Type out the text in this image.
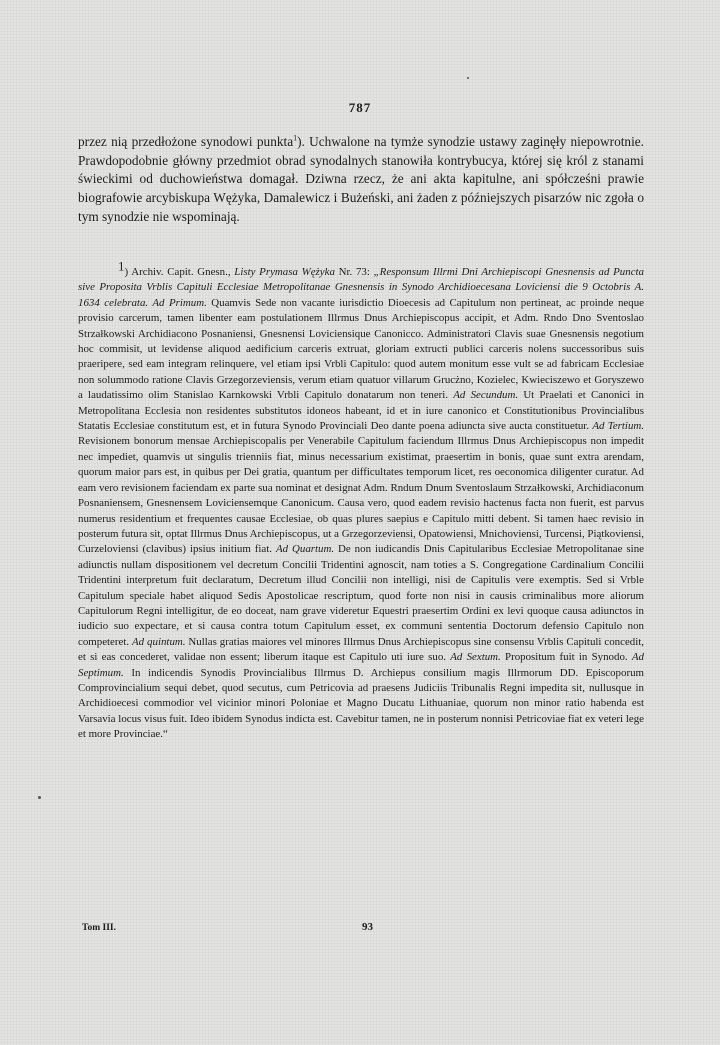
787

przez nią przedłożone synodowi punkta$^1$). Uchwalone na tymże synodzie ustawy zaginęły niepowrotnie. Prawdopodobnie główny przedmiot obrad synodalnych stanowiła kontrybucya, której się król z stanami świeckimi od duchowieństwa domagał. Dziwna rzecz, że ani akta kapitulne, ani spółcześni prawie biografowie arcybiskupa Wężyka, Damalewicz i Bużeński, ani żaden z późniejszych pisarzów nic zgoła o tym synodzie nie wspominają.

1) Archiv. Capit. Gnesn., Listy Prymasa Wężyka Nr. 73: „Responsum Illrmi Dni Archiepiscopi Gnesnensis ad Puncta sive Proposita Vrblis Capituli Ecclesiae Metropolitanae Gnesnensis in Synodo Archidioecesana Loviciensi die 9 Octobris A. 1634 celebrata. Ad Primum. Quamvis Sede non vacante iurisdictio Dioecesis ad Capitulum non pertineat, ac proinde neque provisio carcerum, tamen libenter eam postulationem Illrmus Dnus Archiepiscopus accipit, et Adm. Rndo Dno Sventoslao Strzałkowski Archidiacono Posnaniensi, Gnesnensi Loviciensique Canonicco. Administratori Clavis suae Gnesnensis negotium hoc commisit, ut levidense aliquod aedificium carceris extruat, gloriam extructi publici carceris nolens successoribus suis praeripere, sed eam integram relinquere, vel etiam ipsi Vrbli Capitulo: quod autem monitum esse vult se ad fabricam Ecclesiae non solummodo ratione Clavis Grzegorzeviensis, verum etiam quatuor villarum Grucżno, Kozielec, Kwieciszewo et Goryszewo a laudatissimo olim Stanislao Karnkowski Vrbli Capitulo donatarum non teneri. Ad Secundum. Ut Praelati et Canonici in Metropolitana Ecclesia non residentes substitutos idoneos habeant, id et in iure canonico et Constitutionibus Provincialibus Statatis Ecclesiae constitutum est, et in futura Synodo Provinciali Deo dante poena adiuncta sive aucta constituetur. Ad Tertium. Revisionem bonorum mensae Archiepiscopalis per Venerabile Capitulum faciendum Illrmus Dnus Archiepiscopus non impedit nec impediet, quamvis ut singulis trienniis fiat, minus necessarium existimat, praesertim in bonis, quae sunt extra arendam, quorum maior pars est, in quibus per Dei gratia, quantum per difficultates temporum licet, res oeconomica diligenter curatur. Ad eam vero revisionem faciendam ex parte sua nominat et designat Adm. Rndum Dnum Sventoslaum Strzałkowski, Archidiaconum Posnaniensem, Gnesnensem Loviciensemque Canonicum. Causa vero, quod eadem revisio hactenus facta non fuerit, est parvus numerus residentium et frequentes causae Ecclesiae, ob quas plures saepius e Capitulo mitti debent. Si tamen haec revisio in posterum futura sit, optat Illrmus Dnus Archiepiscopus, ut a Grzegorzeviensi, Opatowiensi, Mnichoviensi, Turcensi, Piątkoviensi, Curzeloviensi (clavibus) ipsius initium fiat. Ad Quartum. De non iudicandis Dnis Capitularibus Ecclesiae Metropolitanae sine adiunctis nullam dispositionem vel decretum Concilii Tridentini agnoscit, nam toties a S. Congregatione Cardinalium Concilii Tridentini interpretum fuit declaratum, Decretum illud Concilii non intelligi, nisi de Capitulis vere exemptis. Sed si Vrble Capitulum speciale habet aliquod Sedis Apostolicae rescriptum, quod forte non nisi in causis criminalibus more aliorum Capitulorum Regni intelligitur, de eo doceat, nam grave videretur Equestri praesertim Ordini ex levi quoque causa adiunctos in iudicio suo expectare, et si causa contra totum Capitulum esset, ex communi sententia Doctorum defensio Capitulo non competeret. Ad quintum. Nullas gratias maiores vel minores Illrmus Dnus Archiepiscopus sine consensu Vrblis Capituli concedit, et si eas concederet, validae non essent; liberum itaque est Capitulo uti iure suo. Ad Sextum. Propositum fuit in Synodo. Ad Septimum. In indicendis Synodis Provincialibus Illrmus D. Archiepus consilium magis Illrmorum DD. Episcoporum Comprovincialium sequi debet, quod secutus, cum Petricovia ad praesens Judiciis Tribunalis Regni impedita sit, nullusque in Archidioecesi commodior vel vicinior minori Poloniae et Magno Ducatu Lithuaniae, quorum non minor ratio habenda est Varsavia locus visus fuit. Ideo ibidem Synodus indicta est. Cavebitur tamen, ne in posterum nonnisi Petricoviae fiat ex veteri lege et more Provinciae.“

Tom III.	93
